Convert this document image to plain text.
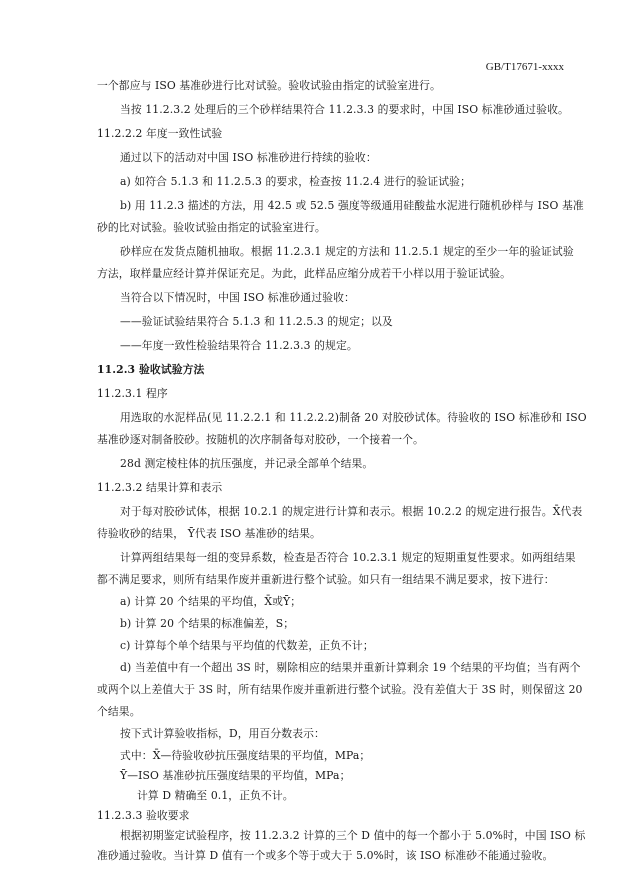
GB/T17671-xxxx
一个都应与 ISO 基准砂进行比对试验。验收试验由指定的试验室进行。
当按 11.2.3.2 处理后的三个砂样结果符合 11.2.3.3 的要求时，中国 ISO 标准砂通过验收。
11.2.2.2 年度一致性试验
通过以下的活动对中国 ISO 标准砂进行持续的验收：
a) 如符合 5.1.3 和 11.2.5.3 的要求，检查按 11.2.4 进行的验证试验；
b) 用 11.2.3 描述的方法，用 42.5 或 52.5 强度等级通用硅酸盐水泥进行随机砂样与 ISO 基准
砂的比对试验。验收试验由指定的试验室进行。
砂样应在发货点随机抽取。根据 11.2.3.1 规定的方法和 11.2.5.1 规定的至少一年的验证试验
方法，取样量应经计算并保证充足。为此，此样品应缩分成若干小样以用于验证试验。
当符合以下情况时，中国 ISO 标准砂通过验收：
——验证试验结果符合 5.1.3 和 11.2.5.3 的规定；以及
——年度一致性检验结果符合 11.2.3.3 的规定。
11.2.3 验收试验方法
11.2.3.1 程序
用选取的水泥样品(见 11.2.2.1 和 11.2.2.2)制备 20 对胶砂试体。待验收的 ISO 标准砂和 ISO
基准砂逐对制备胶砂。按随机的次序制备每对胶砂，一个接着一个。
28d 测定棱柱体的抗压强度，并记录全部单个结果。
11.2.3.2 结果计算和表示
对于每对胶砂试体，根据 10.2.1 的规定进行计算和表示。根据 10.2.2 的规定进行报告。X̄代表
待验收砂的结果， Ȳ代表 ISO 基准砂的结果。
计算两组结果每一组的变异系数，检查是否符合 10.2.3.1 规定的短期重复性要求。如两组结果
都不满足要求，则所有结果作废并重新进行整个试验。如只有一组结果不满足要求，按下进行：
a) 计算 20 个结果的平均值，X̄或Ȳ；
b) 计算 20 个结果的标准偏差，S；
c) 计算每个单个结果与平均值的代数差，正负不计；
d) 当差值中有一个超出 3S 时，剔除相应的结果并重新计算剩余 19 个结果的平均值；当有两个
或两个以上差值大于 3S 时，所有结果作废并重新进行整个试验。没有差值大于 3S 时，则保留这 20
个结果。
按下式计算验收指标，D，用百分数表示：
式中：X̄—待验收砂抗压强度结果的平均值，MPa；
Ȳ—ISO 基准砂抗压强度结果的平均值，MPa；
计算 D 精确至 0.1，正负不计。
11.2.3.3 验收要求
根据初期鉴定试验程序，按 11.2.3.2 计算的三个 D 值中的每一个都小于 5.0%时，中国 ISO 标
准砂通过验收。当计算 D 值有一个或多个等于或大于 5.0%时，该 ISO 标准砂不能通过验收。
